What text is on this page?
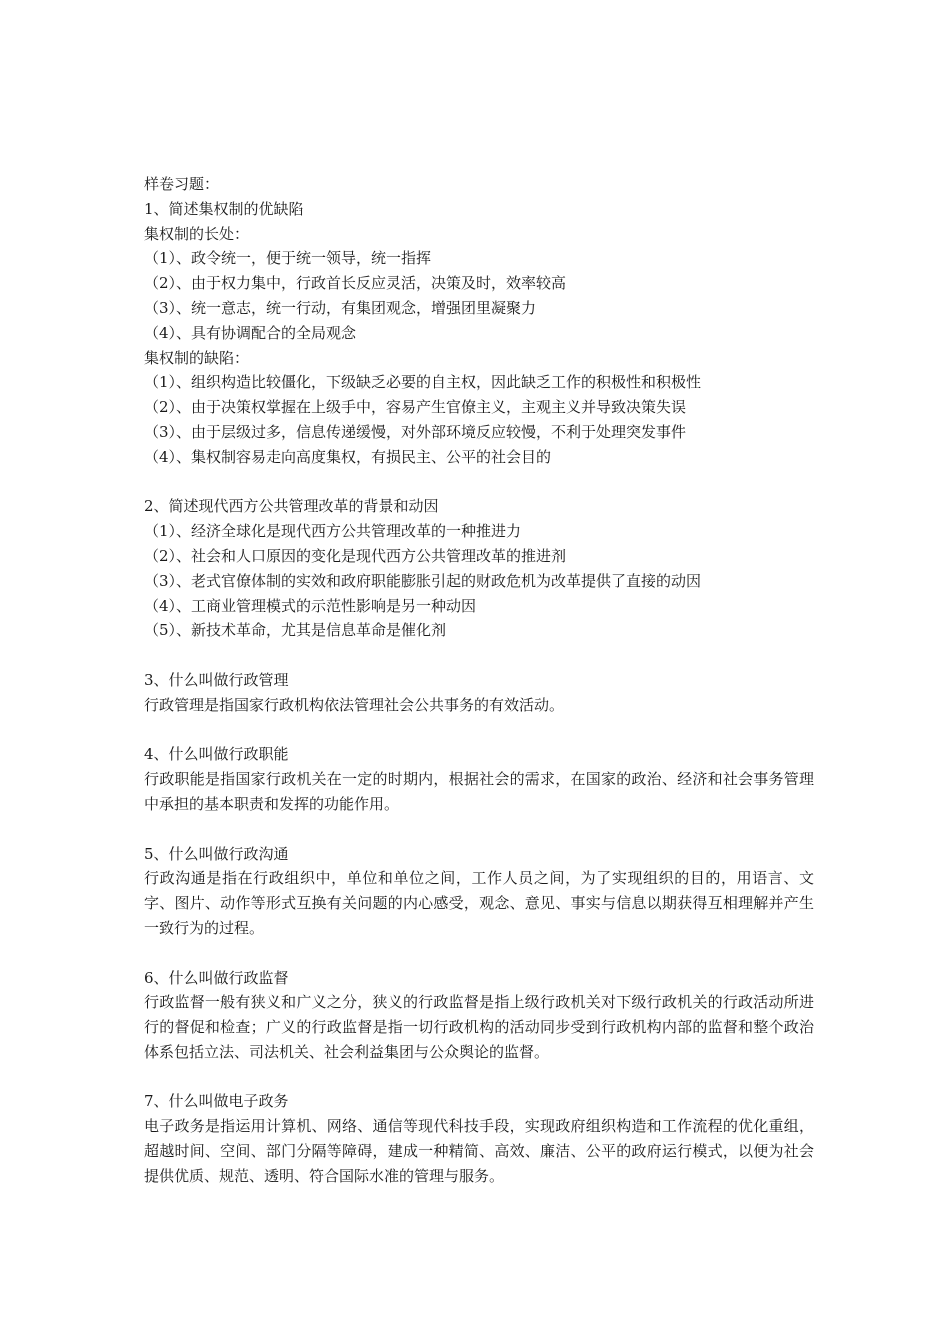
样卷习题：

1、简述集权制的优缺陷

集权制的长处：

（1）、政令统一，便于统一领导，统一指挥

（2）、由于权力集中，行政首长反应灵活，决策及时，效率较高

（3）、统一意志，统一行动，有集团观念，增强团里凝聚力

（4）、具有协调配合的全局观念

集权制的缺陷：

（1）、组织构造比较僵化，下级缺乏必要的自主权，因此缺乏工作的积极性和积极性

（2）、由于决策权掌握在上级手中，容易产生官僚主义，主观主义并导致决策失误

（3）、由于层级过多，信息传递缓慢，对外部环境反应较慢，不利于处理突发事件

（4）、集权制容易走向高度集权，有损民主、公平的社会目的

2、简述现代西方公共管理改革的背景和动因

（1）、经济全球化是现代西方公共管理改革的一种推进力

（2）、社会和人口原因的变化是现代西方公共管理改革的推进剂

（3）、老式官僚体制的实效和政府职能膨胀引起的财政危机为改革提供了直接的动因

（4）、工商业管理模式的示范性影响是另一种动因

（5）、新技术革命，尤其是信息革命是催化剂

3、什么叫做行政管理

行政管理是指国家行政机构依法管理社会公共事务的有效活动。

4、什么叫做行政职能

行政职能是指国家行政机关在一定的时期内，根据社会的需求，在国家的政治、经济和社会事务管理中承担的基本职责和发挥的功能作用。

5、什么叫做行政沟通

行政沟通是指在行政组织中，单位和单位之间，工作人员之间，为了实现组织的目的，用语言、文字、图片、动作等形式互换有关问题的内心感受，观念、意见、事实与信息以期获得互相理解并产生一致行为的过程。

6、什么叫做行政监督

行政监督一般有狭义和广义之分，狭义的行政监督是指上级行政机关对下级行政机关的行政活动所进行的督促和检查；广义的行政监督是指一切行政机构的活动同步受到行政机构内部的监督和整个政治体系包括立法、司法机关、社会利益集团与公众舆论的监督。

7、什么叫做电子政务

电子政务是指运用计算机、网络、通信等现代科技手段，实现政府组织构造和工作流程的优化重组，超越时间、空间、部门分隔等障碍，建成一种精简、高效、廉洁、公平的政府运行模式，以便为社会提供优质、规范、透明、符合国际水准的管理与服务。
